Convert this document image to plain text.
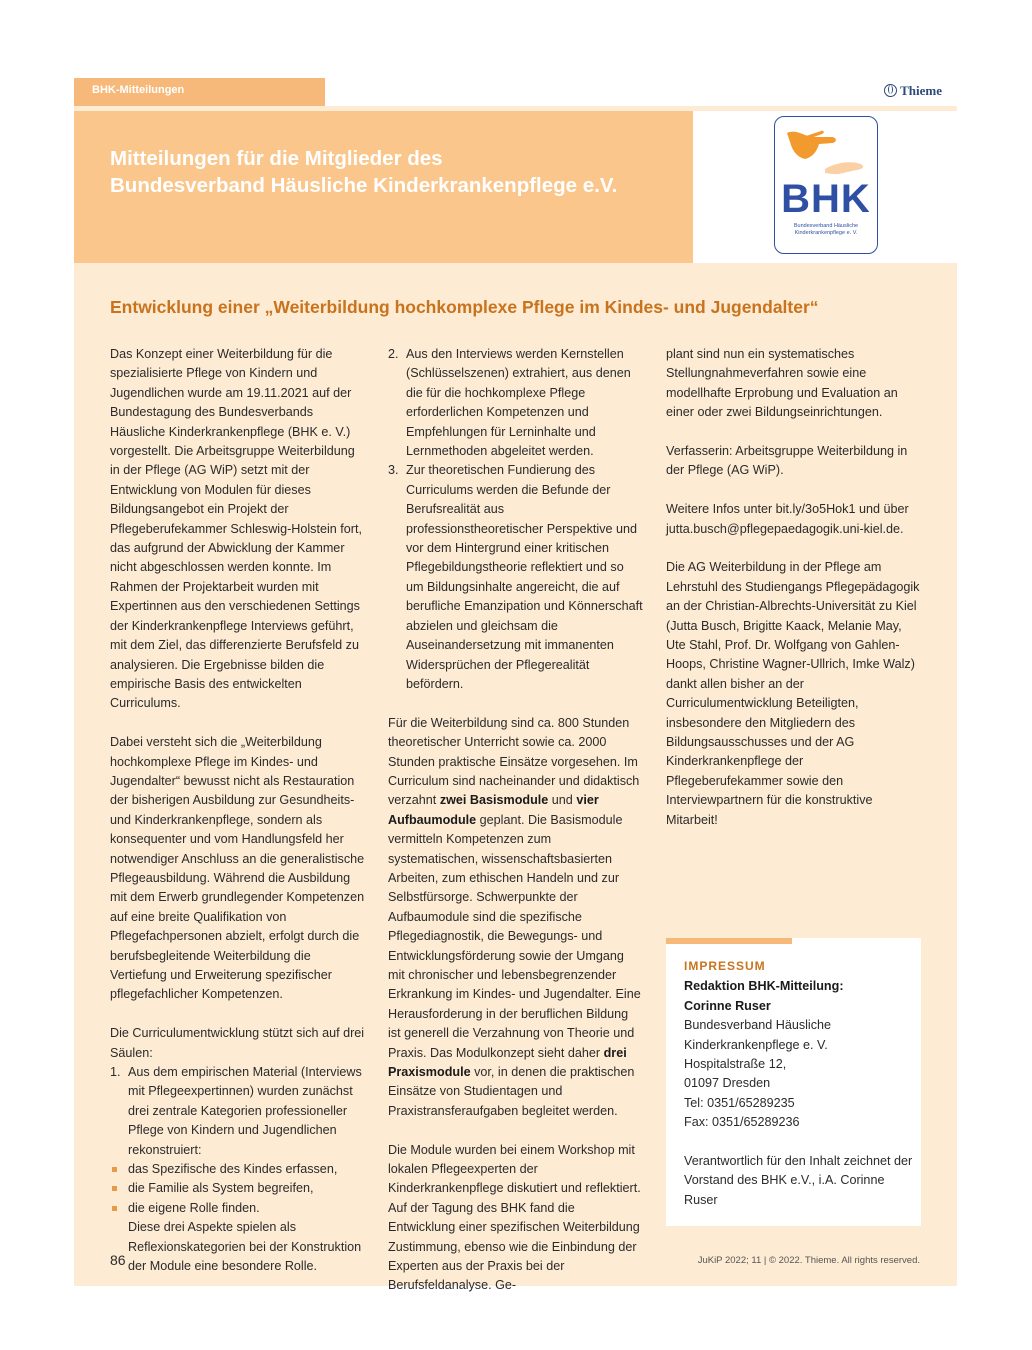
BHK-Mitteilungen	Thieme
Mitteilungen für die Mitglieder des
Bundesverband Häusliche Kinderkrankenpflege e.V.	BHK
Bundesverband Häusliche
Kinderkrankenpflege e. V.
Entwicklung einer „Weiterbildung hochkomplexe Pflege im Kindes- und Jugendalter“

Das Konzept einer Weiterbildung für die spezialisierte Pflege von Kindern und Jugendlichen wurde am 19.11.2021 auf der Bundestagung des Bundesverbands Häusliche Kinderkrankenpflege (BHK e. V.) vorgestellt. Die Arbeitsgruppe Weiterbildung in der Pflege (AG WiP) setzt mit der Entwicklung von Modulen für dieses Bildungsangebot ein Projekt der Pflegeberufekammer Schleswig-Holstein fort, das aufgrund der Abwicklung der Kammer nicht abgeschlossen werden konnte. Im Rahmen der Projektarbeit wurden mit Expertinnen aus den verschiedenen Settings der Kinderkrankenpflege Interviews geführt, mit dem Ziel, das differenzierte Berufsfeld zu analysieren. Die Ergebnisse bilden die empirische Basis des entwickelten Curriculums.

Dabei versteht sich die „Weiterbildung hochkomplexe Pflege im Kindes- und Jugendalter“ bewusst nicht als Restauration der bisherigen Ausbildung zur Gesundheits- und Kinderkrankenpflege, sondern als konsequenter und vom Handlungsfeld her notwendiger Anschluss an die generalistische Pflegeausbildung. Während die Ausbildung mit dem Erwerb grundlegender Kompetenzen auf eine breite Qualifikation von Pflegefachpersonen abzielt, erfolgt durch die berufsbegleitende Weiterbildung die Vertiefung und Erweiterung spezifischer pflegefachlicher Kompetenzen.

Die Curriculumentwicklung stützt sich auf drei Säulen:
1. Aus dem empirischen Material (Interviews mit Pflegeexpertinnen) wurden zunächst drei zentrale Kategorien professioneller Pflege von Kindern und Jugendlichen rekonstruiert:
das Spezifische des Kindes erfassen,
die Familie als System begreifen,
die eigene Rolle finden.
Diese drei Aspekte spielen als Reflexionskategorien bei der Konstruktion der Module eine besondere Rolle.
2. Aus den Interviews werden Kernstellen (Schlüsselszenen) extrahiert, aus denen die für die hochkomplexe Pflege erforderlichen Kompetenzen und Empfehlungen für Lerninhalte und Lernmethoden abgeleitet werden.
3. Zur theoretischen Fundierung des Curriculums werden die Befunde der Berufsrealität aus professionstheoretischer Perspektive und vor dem Hintergrund einer kritischen Pflegebildungstheorie reflektiert und so um Bildungsinhalte angereicht, die auf berufliche Emanzipation und Könnerschaft abzielen und gleichsam die Auseinandersetzung mit immanenten Widersprüchen der Pflegerealität befördern.

Für die Weiterbildung sind ca. 800 Stunden theoretischer Unterricht sowie ca. 2000 Stunden praktische Einsätze vorgesehen. Im Curriculum sind nacheinander und didaktisch verzahnt zwei Basismodule und vier Aufbaumodule geplant. Die Basismodule vermitteln Kompetenzen zum systematischen, wissenschaftsbasierten Arbeiten, zum ethischen Handeln und zur Selbstfürsorge. Schwerpunkte der Aufbaumodule sind die spezifische Pflegediagnostik, die Bewegungs- und Entwicklungsförderung sowie der Umgang mit chronischer und lebensbegrenzender Erkrankung im Kindes- und Jugendalter. Eine Herausforderung in der beruflichen Bildung ist generell die Verzahnung von Theorie und Praxis. Das Modulkonzept sieht daher drei Praxismodule vor, in denen die praktischen Einsätze von Studientagen und Praxistransferaufgaben begleitet werden.

Die Module wurden bei einem Workshop mit lokalen Pflegeexperten der Kinderkrankenpflege diskutiert und reflektiert. Auf der Tagung des BHK fand die Entwicklung einer spezifischen Weiterbildung Zustimmung, ebenso wie die Einbindung der Experten aus der Praxis bei der Berufsfeldanalyse. Ge-

plant sind nun ein systematisches Stellungnahmeverfahren sowie eine modellhafte Erprobung und Evaluation an einer oder zwei Bildungseinrichtungen.

Verfasserin: Arbeitsgruppe Weiterbildung in der Pflege (AG WiP).

Weitere Infos unter bit.ly/3o5Hok1 und über jutta.busch@pflegepaedagogik.uni-kiel.de.

Die AG Weiterbildung in der Pflege am Lehrstuhl des Studiengangs Pflegepädagogik an der Christian-Albrechts-Universität zu Kiel (Jutta Busch, Brigitte Kaack, Melanie May, Ute Stahl, Prof. Dr. Wolfgang von Gahlen-Hoops, Christine Wagner-Ullrich, Imke Walz) dankt allen bisher an der Curriculumentwicklung Beteiligten, insbesondere den Mitgliedern des Bildungsausschusses und der AG Kinderkrankenpflege der Pflegeberufekammer sowie den Interviewpartnern für die konstruktive Mitarbeit!

IMPRESSUM
Redaktion BHK-Mitteilung:
Corinne Ruser
Bundesverband Häusliche Kinderkrankenpflege e. V.
Hospitalstraße 12,
01097 Dresden
Tel: 0351/65289235
Fax: 0351/65289236
Verantwortlich für den Inhalt zeichnet der Vorstand des BHK e.V., i.A. Corinne Ruser
86	JuKiP 2022; 11 | © 2022. Thieme. All rights reserved.
